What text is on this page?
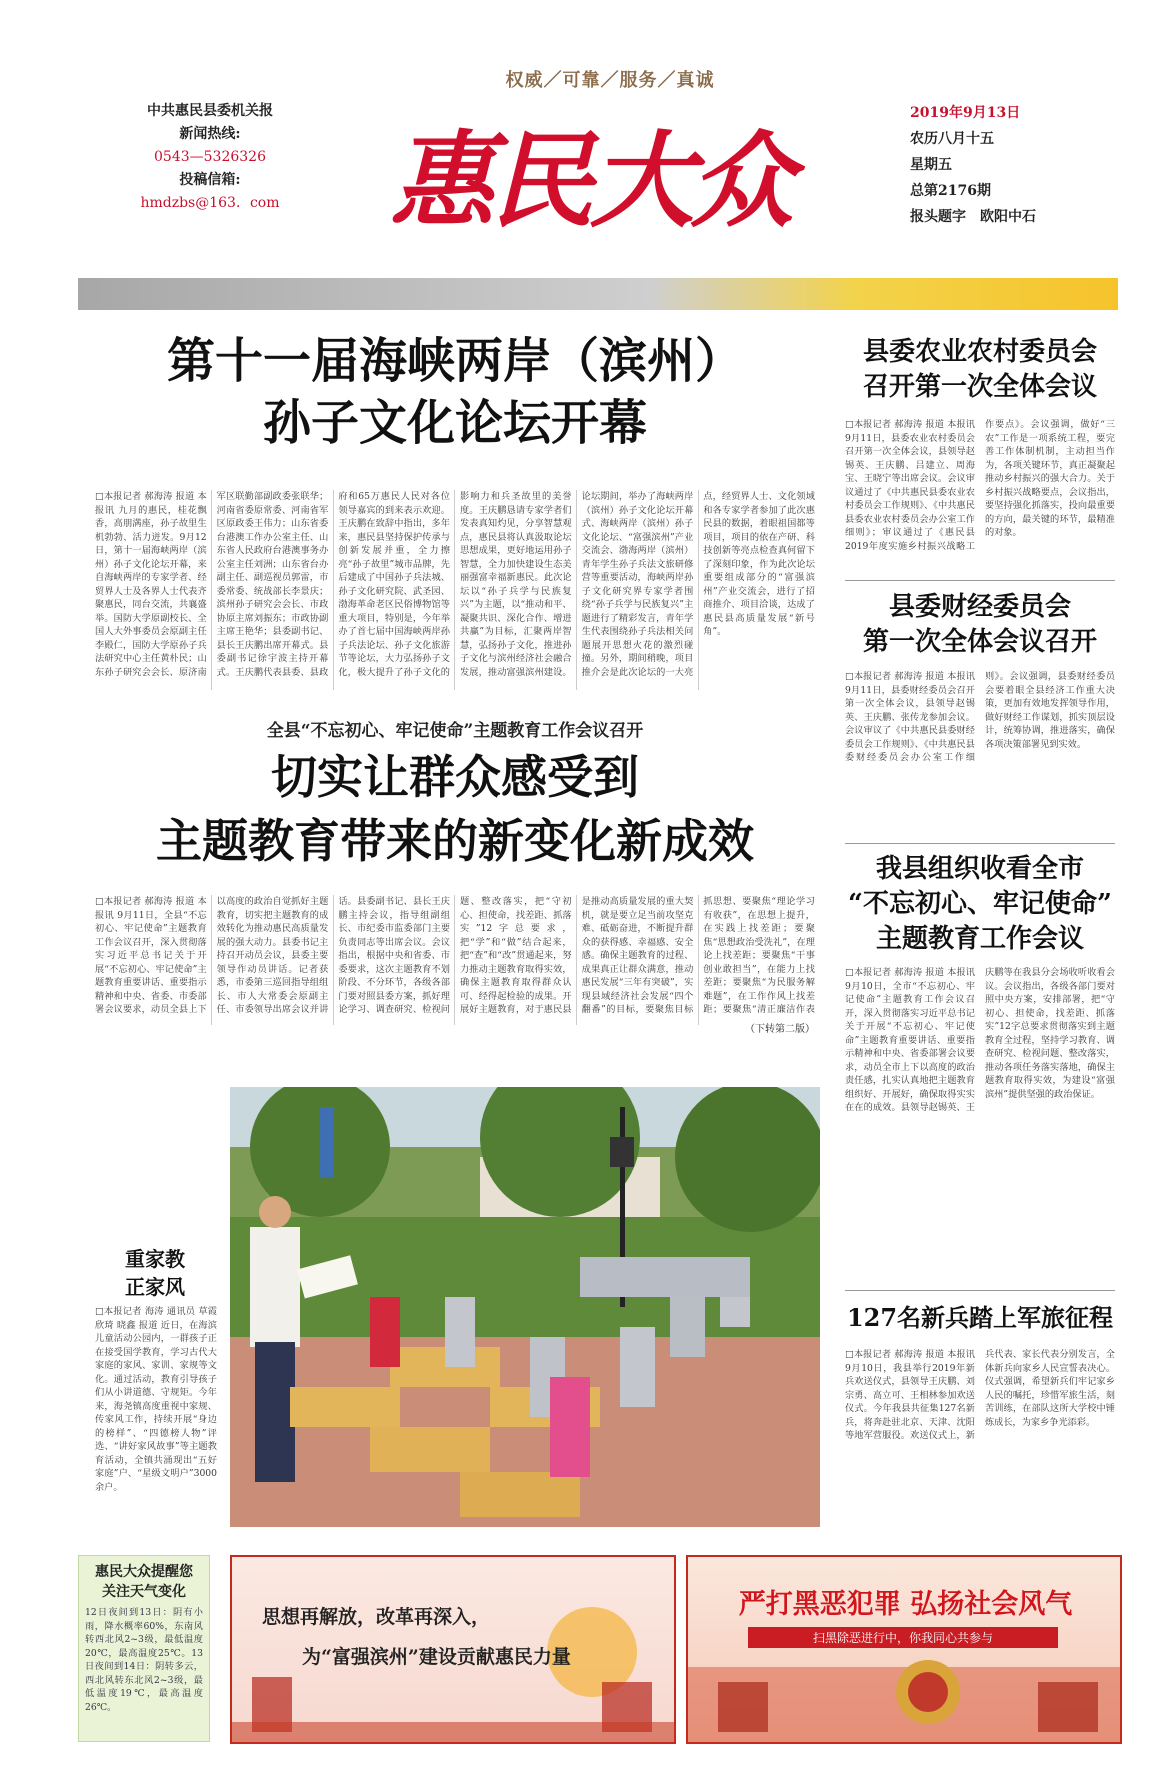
中共惠民县委机关报
新闻热线:
0543—5326326
投稿信箱:
hmdzbs@163．com
权威／可靠／服务／真诚
惠民大众
2019年9月13日
农历八月十五
星期五
总第2176期
报头题字　欧阳中石
第十一届海峡两岸（滨州）
孙子文化论坛开幕
□本报记者 郝海涛 报道 本报讯 九月的惠民，桂花飘香，高朋满座，孙子故里生机勃勃、活力迸发。9月12日，第十一届海峡两岸（滨州）孙子文化论坛开幕，来自海峡两岸的专家学者、经贸界人士及各界人士代表齐聚惠民，同台交流，共襄盛举。国防大学原副校长、全国人大外事委员会原副主任李殿仁，国防大学原孙子兵法研究中心主任黄朴民；山东孙子研究会会长、原济南军区联勤部副政委张联华；河南省委原常委、河南省军区原政委王伟力；山东省委台港澳工作办公室主任、山东省人民政府台港澳事务办公室主任刘洲；山东省台办副主任、副巡视员郭雷，市委常委、统战部长李景庆；滨州孙子研究会会长、市政协原主席刘振东；市政协副主席王艳华；县委副书记、县长王庆鹏出席开幕式。县委副书记徐宇波主持开幕式。王庆鹏代表县委、县政府和65万惠民人民对各位领导嘉宾的到来表示欢迎。王庆鹏在致辞中指出，多年来，惠民县坚持保护传承与创新发展并重，全力擦亮“孙子故里”城市品牌，先后建成了中国孙子兵法城、孙子文化研究院、武圣园、渤海革命老区民俗博物馆等重大项目，特别是，今年举办了首七届中国海峡两岸孙子兵法论坛、孙子文化旅游节等论坛，大力弘扬孙子文化，极大提升了孙子文化的影响力和兵圣故里的美誉度。王庆鹏恳请专家学者们发表真知灼见，分享智慧观点，惠民县将认真汲取论坛思想成果，更好地运用孙子智慧，全力加快建设生态美丽强富幸福新惠民。此次论坛以“孙子兵学与民族复兴”为主题，以“推动和平、凝聚共识、深化合作、增进共赢”为目标，汇聚两岸智慧，弘扬孙子文化，推进孙子文化与滨州经济社会融合发展，推动富强滨州建设。论坛期间，举办了海峡两岸（滨州）孙子文化论坛开幕式、海峡两岸（滨州）孙子文化论坛、“富强滨州”产业交流会、渤海两岸（滨州）青年学生孙子兵法文旅研修营等重要活动，海峡两岸孙子文化研究界专家学者围绕“孙子兵学与民族复兴”主题进行了精彩发言，青年学生代表围绕孙子兵法相关问题展开思想火花的激烈碰撞。另外，期间稍晚，项目推介会是此次论坛的一大亮点，经贸界人士、文化领域和各专家学者参加了此次惠民县的数据，着眼祖国都等项目，项目的依在产研、科技创新等亮点检查真何留下了深刻印象，作为此次论坛重要组成部分的“富强滨州”产业交流会，进行了招商推介、项目洽谈，达成了惠民县高质量发展“新号角”。
全县“不忘初心、牢记使命”主题教育工作会议召开
切实让群众感受到
主题教育带来的新变化新成效
□本报记者 郝海涛 报道 本报讯 9月11日，全县“不忘初心、牢记使命”主题教育工作会议召开，深入贯彻落实习近平总书记关于开展“不忘初心、牢记使命”主题教育重要讲话、重要指示精神和中央、省委、市委部署会议要求，动员全县上下以高度的政治自觉抓好主题教育，切实把主题教育的成效转化为推动惠民高质量发展的强大动力。县委书记主持召开动员会议，县委主要领导作动员讲话。记者获悉，市委第三巡回指导组组长、市人大常委会原副主任、市委领导出席会议并讲话。县委副书记、县长王庆鹏主持会议，指导组副组长、市纪委市监委部门主要负责同志等出席会议。会议指出，根据中央和省委、市委要求，这次主题教育不划阶段、不分环节，各级各部门要对照县委方案，抓好理论学习、调查研究、检视问题、整改落实，把“守初心、担使命，找差距、抓落实”12字总要求，把“学”和“做”结合起来，把“查”和“改”贯通起来，努力推动主题教育取得实效，确保主题教育取得群众认可、经得起检验的成果。开展好主题教育，对于惠民县是推动高质量发展的重大契机，就是要立足当前攻坚克难、砥砺奋进，不断提升群众的获得感、幸福感、安全感。确保主题教育的过程、成果真正让群众满意，推动惠民发展“三年有突破”，实现县域经济社会发展“四个翻番”的目标，要聚焦目标抓思想、要聚焦“理论学习有收获”，在思想上提升，在实践上找差距；要聚焦“思想政治受洗礼”，在理论上找差距；要聚焦“干事创业敢担当”，在能力上找差距；要聚焦“为民服务解难题”，在工作作风上找差距；要聚焦“清正廉洁作表
（下转第二版）
重家教
正家风
□本报记者 海涛 通讯员 草霞 欣琦 晓鑫 报道 近日，在海滨儿童活动公园内，一群孩子正在接受国学教育，学习古代大家庭的家风、家训、家规等文化。通过活动，教育引导孩子们从小讲道德、守规矩。今年来，海尧镇高度重视中家规、传家风工作，持续开展“身边的榜样”、“四德榜人物”评选、“讲好家风故事”等主题教育活动，全镇共涌现出“五好家庭”户、“星级文明户”3000余户。
县委农业农村委员会
召开第一次全体会议
□本报记者 郝海涛 报道 本报讯 9月11日，县委农业农村委员会召开第一次全体会议，县领导赵锡英、王庆鹏、吕建立、周海宝、王晓宁等出席会议。会议审议通过了《中共惠民县委农业农村委员会工作规则》、《中共惠民县委农业农村委员会办公室工作细则》；审议通过了《惠民县2019年度实施乡村振兴战略工作要点》。会议强调，做好“三农”工作是一项系统工程，要完善工作体制机制，主动担当作为，各项关键环节，真正凝聚起推动乡村振兴的强大合力。关于乡村振兴战略要点，会议指出，要坚持强化抓落实，投向最重要的方向，最关键的环节，最精准的对象。
县委财经委员会
第一次全体会议召开
□本报记者 郝海涛 报道 本报讯 9月11日，县委财经委员会召开第一次全体会议，县领导赵锡英、王庆鹏、张传龙参加会议。会议审议了《中共惠民县委财经委员会工作规则》、《中共惠民县委财经委员会办公室工作细则》。会议强调，县委财经委员会要着眼全县经济工作重大决策，更加有效地发挥领导作用，做好财经工作谋划，抓实顶层设计，统筹协调，推进落实，确保各项决策部署见到实效。
我县组织收看全市
“不忘初心、牢记使命”
主题教育工作会议
□本报记者 郝海涛 报道 本报讯 9月10日，全市“不忘初心、牢记使命”主题教育工作会议召开，深入贯彻落实习近平总书记关于开展“不忘初心、牢记使命”主题教育重要讲话、重要指示精神和中央、省委部署会议要求，动员全市上下以高度的政治责任感，扎实认真地把主题教育组织好、开展好，确保取得实实在在的成效。县领导赵锡英、王庆鹏等在我县分会场收听收看会议。会议指出，各级各部门要对照中央方案，安排部署，把“守初心、担使命，找差距、抓落实”12字总要求贯彻落实到主题教育全过程，坚持学习教育、调查研究、检视问题、整改落实，推动各项任务落实落地，确保主题教育取得实效，为建设“富强滨州”提供坚强的政治保证。
127名新兵踏上军旅征程
□本报记者 郝海涛 报道 本报讯 9月10日，我县举行2019年新兵欢送仪式，县领导王庆鹏、刘宗勇、高立可、王相林参加欢送仪式。今年我县共征集127名新兵，将奔赴驻北京、天津、沈阳等地军营服役。欢送仪式上，新兵代表、家长代表分别发言，全体新兵向家乡人民宣誓表决心。仪式强调，希望新兵们牢记家乡人民的嘱托，珍惜军旅生活，刻苦训练，在部队这所大学校中锤炼成长，为家乡争光添彩。
惠民大众提醒您
关注天气变化
12日夜间到13日：阴有小雨，降水概率60%，东南风转西北风2~3级，最低温度20℃，最高温度25℃。13日夜间到14日：阴转多云，西北风转东北风2~3级，最低温度19℃，最高温度26℃。
思想再解放，改革再深入，
为“富强滨州”建设贡献惠民力量
严打黑恶犯罪 弘扬社会风气
扫黑除恶进行中，你我同心共参与
